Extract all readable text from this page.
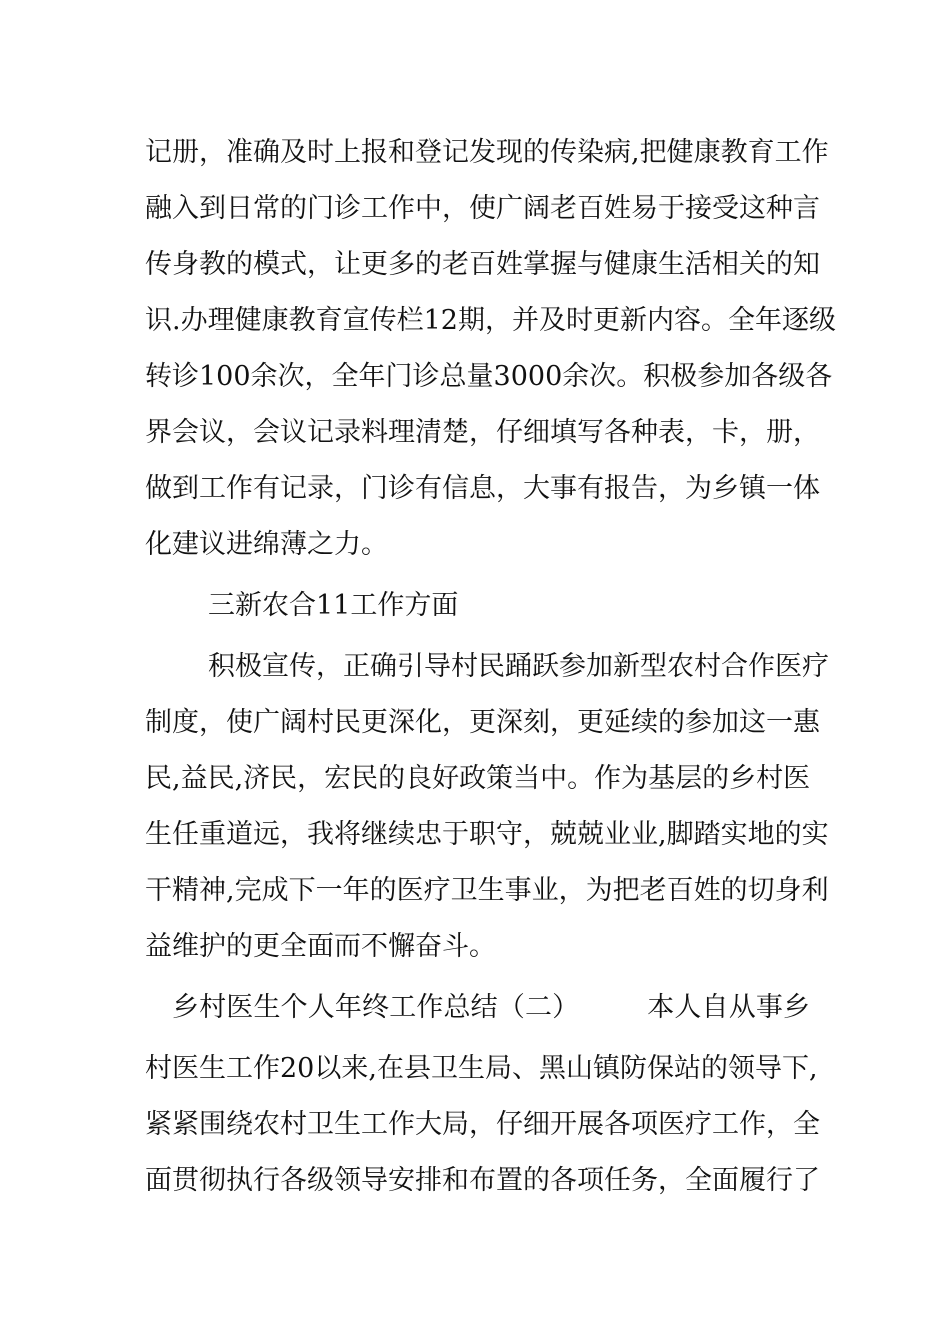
记册，准确及时上报和登记发现的传染病,把健康教育工作
融入到日常的门诊工作中，使广阔老百姓易于接受这种言
传身教的模式，让更多的老百姓掌握与健康生活相关的知
识.办理健康教育宣传栏12期，并及时更新内容。全年逐级
转诊100余次，全年门诊总量3000余次。积极参加各级各
界会议，会议记录料理清楚，仔细填写各种表，卡，册，
做到工作有记录，门诊有信息，大事有报告，为乡镇一体
化建议进绵薄之力。
三新农合11工作方面
积极宣传，正确引导村民踊跃参加新型农村合作医疗
制度，使广阔村民更深化，更深刻，更延续的参加这一惠
民,益民,济民，宏民的良好政策当中。作为基层的乡村医
生任重道远，我将继续忠于职守，兢兢业业,脚踏实地的实
干精神,完成下一年的医疗卫生事业，为把老百姓的切身利
益维护的更全面而不懈奋斗。
乡村医生个人年终工作总结（二）　　　本人自从事乡
村医生工作20以来,在县卫生局、黑山镇防保站的领导下,
紧紧围绕农村卫生工作大局，仔细开展各项医疗工作，全
面贯彻执行各级领导安排和布置的各项任务，全面履行了
